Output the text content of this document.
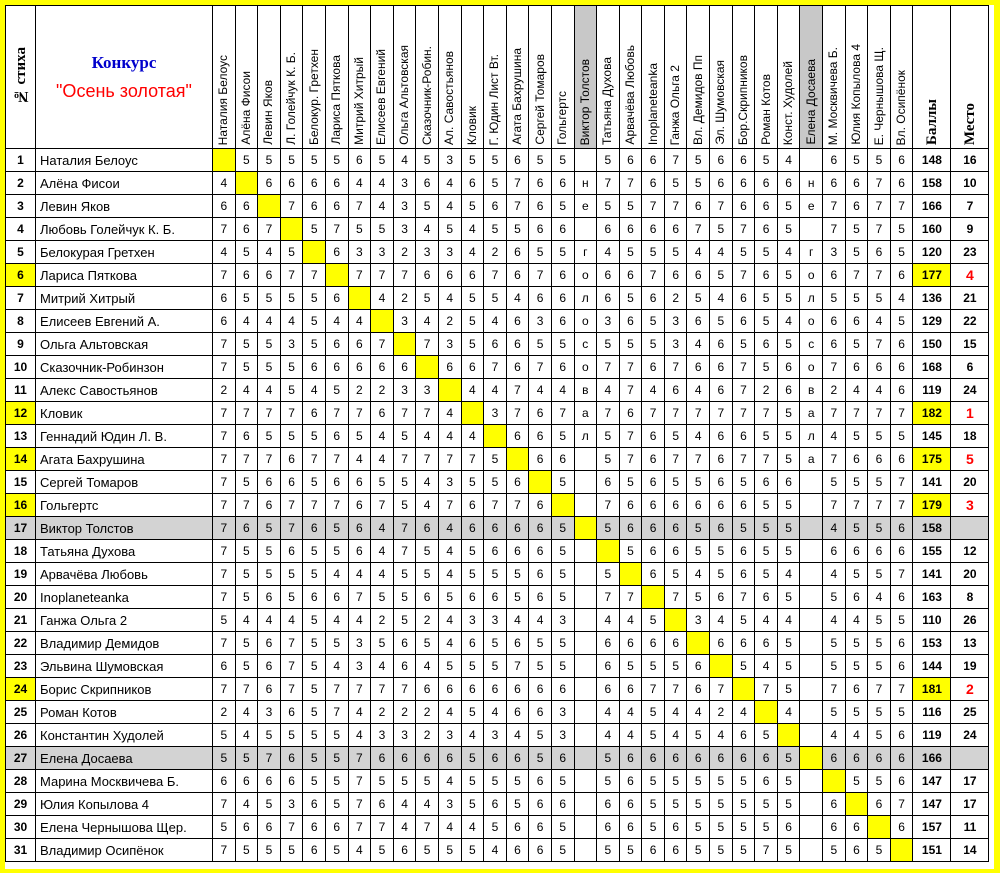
№ стиха	Конкурс
"Осень золотая"	Наталия Белоус	Алёна Фисои	Левин Яков	Л. Голейчук К. Б.	Белокур. Гретхен	Лариса Пяткова	Митрий Хитрый	Елисеев Евгений	Ольга Альтовская	Сказочник-Робин.	Ал. Савостьянов	Кловик	Г. Юдин Лист Вт.	Агата Бахрушина	Сергей Томаров	Гольгертс	Виктор Толстов	Татьяна Духова	Арвачёва Любовь	Inoplaneteanka	Ганжа Ольга 2	Вл. Демидов Пп	Эл. Шумовская	Бор.Скрипников	Роман Котов	Конст. Худолей	Елена Досаева	М. Москвичева Б.	Юлия Копылова 4	Е. Чернышова Щ.	Вл. Осипёнок	Баллы	Место
1	Наталия Белоус		5	5	5	5	5	6	5	4	5	3	5	5	6	5	5		5	6	6	7	5	6	6	5	4		6	5	5	6	148	16
2	Алёна Фисои	4		6	6	6	6	4	4	3	6	4	6	5	7	6	6	н	7	7	6	5	5	6	6	6	6	н	6	6	7	6	158	10
3	Левин Яков	6	6		7	6	6	7	4	3	5	4	5	6	7	6	5	е	5	5	7	7	6	7	6	6	5	е	7	6	7	7	166	7
4	Любовь Голейчук К. Б.	7	6	7		5	7	5	5	3	4	5	4	5	5	6	6		6	6	6	6	7	5	7	6	5		7	5	7	5	160	9
5	Белокурая Гретхен	4	5	4	5		6	3	3	2	3	3	4	2	6	5	5	г	4	5	5	5	4	4	5	5	4	г	3	5	6	5	120	23
6	Лариса Пяткова	7	6	6	7	7		7	7	7	6	6	6	7	6	7	6	о	6	6	7	6	6	5	7	6	5	о	6	7	7	6	177	4
7	Митрий Хитрый	6	5	5	5	5	6		4	2	5	4	5	5	4	6	6	л	6	5	6	2	5	4	6	5	5	л	5	5	5	4	136	21
8	Елисеев Евгений А.	6	4	4	4	5	4	4		3	4	2	5	4	6	3	6	о	3	6	5	3	6	5	6	5	4	о	6	6	4	5	129	22
9	Ольга Альтовская	7	5	5	3	5	6	6	7		7	3	5	6	6	5	5	с	5	5	5	3	4	6	5	6	5	с	6	5	7	6	150	15
10	Сказочник-Робинзон	7	5	5	5	6	6	6	6	6		6	6	7	6	7	6	о	7	7	6	7	6	6	7	5	6	о	7	6	6	6	168	6
11	Алекс Савостьянов	2	4	4	5	4	5	2	2	3	3		4	4	7	4	4	в	4	7	4	6	4	6	7	2	6	в	2	4	4	6	119	24
12	Кловик	7	7	7	7	6	7	7	6	7	7	4		3	7	6	7	а	7	6	7	7	7	7	7	7	5	а	7	7	7	7	182	1
13	Геннадий Юдин Л. В.	7	6	5	5	5	6	5	4	5	4	4	4		6	6	5	л	5	7	6	5	4	6	6	5	5	л	4	5	5	5	145	18
14	Агата Бахрушина	7	7	7	6	7	7	4	4	7	7	7	7	5		6	6		5	7	6	7	7	6	7	7	5	а	7	6	6	6	175	5
15	Сергей Томаров	7	5	6	6	5	6	6	5	5	4	3	5	5	6		5		6	5	6	5	5	6	5	6	6		5	5	5	7	141	20
16	Гольгертс	7	7	6	7	7	7	6	7	5	4	7	6	7	7	6			7	6	6	6	6	6	6	5	5		7	7	7	7	179	3
17	Виктор Толстов	7	6	5	7	6	5	6	4	7	6	4	6	6	6	6	5		5	6	6	6	5	6	5	5	5		4	5	5	6	158	
18	Татьяна Духова	7	5	5	6	5	5	6	4	7	5	4	5	6	6	6	5			5	6	6	5	5	6	5	5		6	6	6	6	155	12
19	Арвачёва Любовь	7	5	5	5	5	4	4	4	5	5	4	5	5	5	6	5		5		6	5	4	5	6	5	4		4	5	5	7	141	20
20	Inoplaneteanka	7	5	6	5	6	6	7	5	5	6	5	6	6	5	6	5		7	7		7	5	6	7	6	5		5	6	4	6	163	8
21	Ганжа Ольга 2	5	4	4	4	5	4	4	2	5	2	4	3	3	4	4	3		4	4	5		3	4	5	4	4		4	4	5	5	110	26
22	Владимир Демидов	7	5	6	7	5	5	3	5	6	5	4	6	5	6	5	5		6	6	6	6		6	6	6	5		5	5	5	6	153	13
23	Эльвина Шумовская	6	5	6	7	5	4	3	4	6	4	5	5	5	7	5	5		6	5	5	5	6		5	4	5		5	5	5	6	144	19
24	Борис Скрипников	7	7	6	7	5	7	7	7	7	6	6	6	6	6	6	6		6	6	7	7	6	7		7	5		7	6	7	7	181	2
25	Роман Котов	2	4	3	6	5	7	4	2	2	2	4	5	4	6	6	3		4	4	5	4	4	2	4		4		5	5	5	5	116	25
26	Константин Худолей	5	4	5	5	5	5	4	3	3	2	3	4	3	4	5	3		4	4	5	4	5	4	6	5			4	4	5	6	119	24
27	Елена Досаева	5	5	7	6	5	5	7	6	6	6	6	5	6	6	5	6		5	6	6	6	6	6	6	6	5		6	6	6	6	166	
28	Марина Москвичева Б.	6	6	6	6	5	5	7	5	5	5	4	5	5	5	6	5		5	6	5	5	5	5	5	6	5			5	5	6	147	17
29	Юлия Копылова 4	7	4	5	3	6	5	7	6	4	4	3	5	6	5	6	6		6	6	5	5	5	5	5	5	5		6		6	7	147	17
30	Елена Чернышова Щер.	5	6	6	7	6	6	7	7	4	7	4	4	5	6	6	5		6	6	5	6	5	5	5	5	6		6	6		6	157	11
31	Владимир Осипёнок	7	5	5	5	6	5	4	5	6	5	5	5	4	6	6	5		5	5	6	6	5	5	5	7	5		5	6	5		151	14
